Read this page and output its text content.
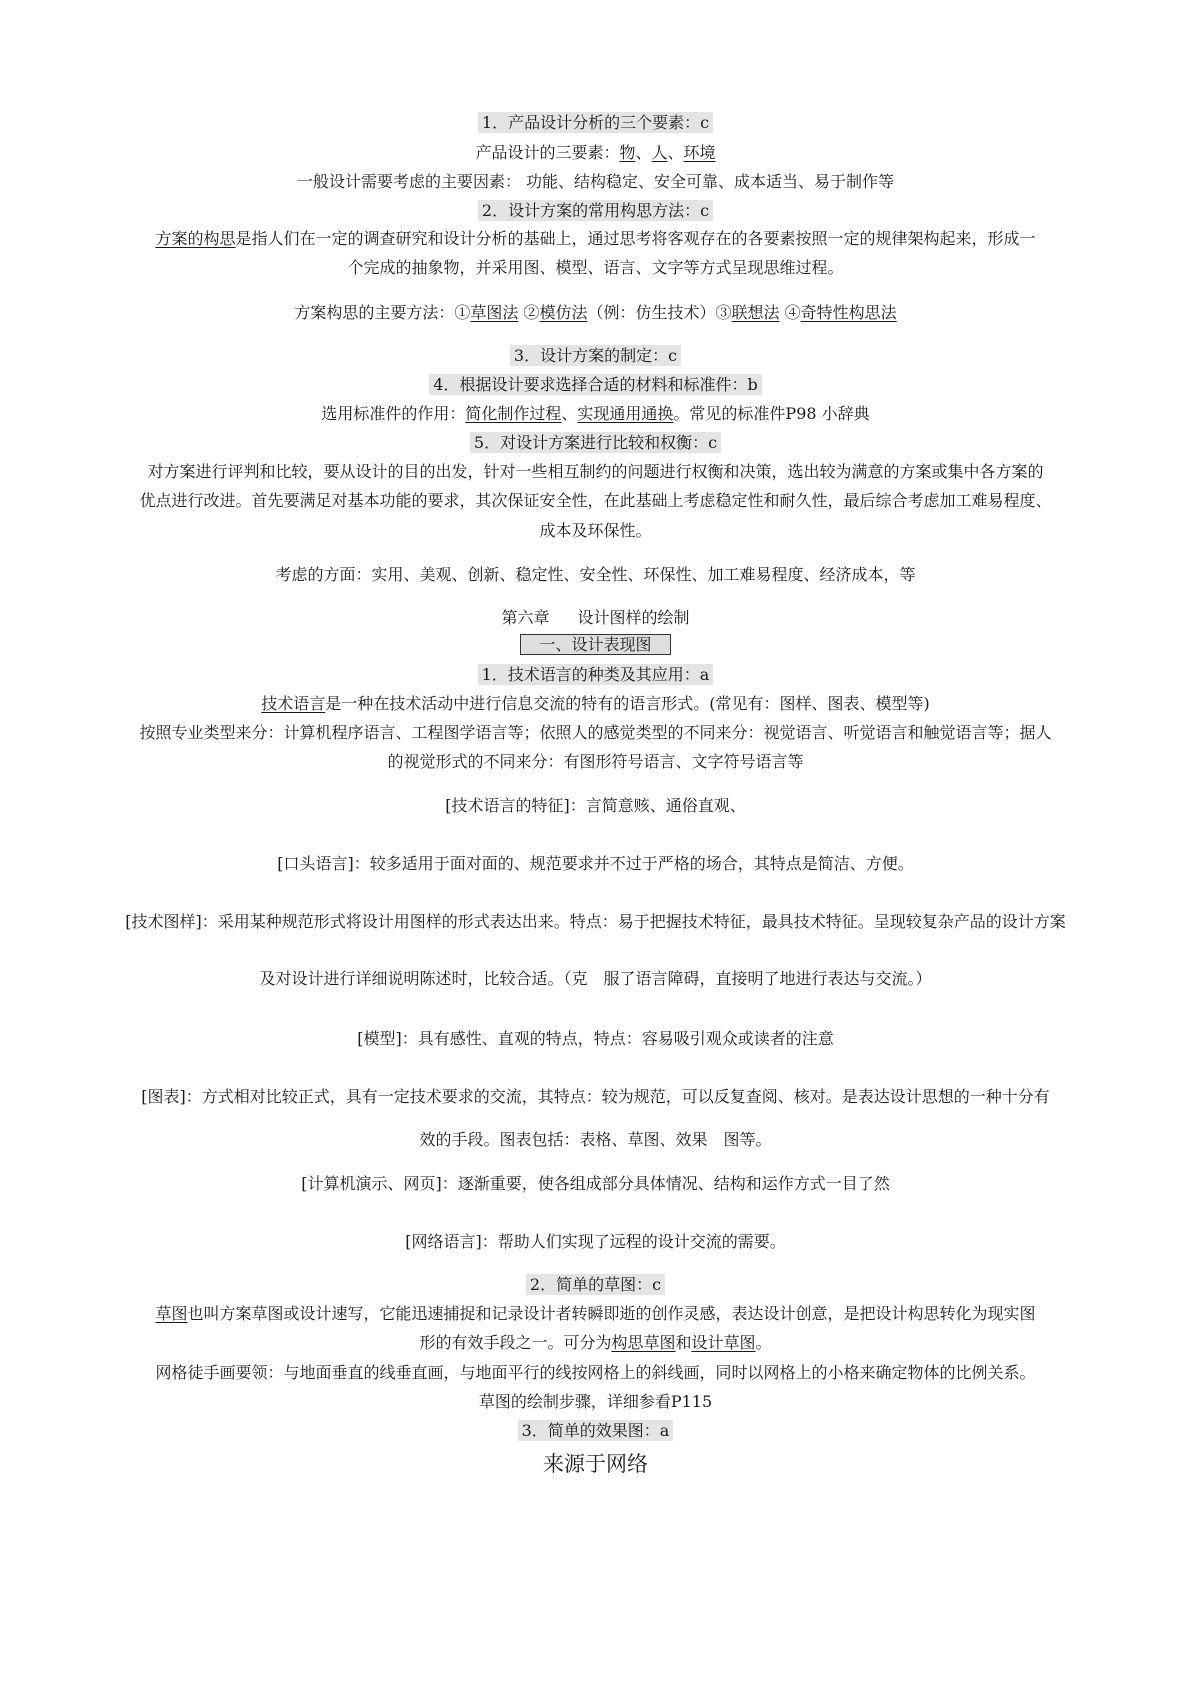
1．产品设计分析的三个要素：c
产品设计的三要素：物、人、环境
一般设计需要考虑的主要因素： 功能、结构稳定、安全可靠、成本适当、易于制作等
2．设计方案的常用构思方法：c
方案的构思是指人们在一定的调查研究和设计分析的基础上，通过思考将客观存在的各要素按照一定的规律架构起来，形成一
个完成的抽象物，并采用图、模型、语言、文字等方式呈现思维过程。
方案构思的主要方法：①草图法 ②模仿法（例：仿生技术）③联想法 ④奇特性构思法
3．设计方案的制定：c
4．根据设计要求选择合适的材料和标准件：b
选用标准件的作用：简化制作过程、实现通用通换。常见的标准件P98 小辞典
5．对设计方案进行比较和权衡：c
对方案进行评判和比较，要从设计的目的出发，针对一些相互制约的问题进行权衡和决策，选出较为满意的方案或集中各方案的
优点进行改进。首先要满足对基本功能的要求，其次保证安全性，在此基础上考虑稳定性和耐久性，最后综合考虑加工难易程度、
成本及环保性。
考虑的方面：实用、美观、创新、稳定性、安全性、环保性、加工难易程度、经济成本，等
第六章 设计图样的绘制
一、设计表现图
1．技术语言的种类及其应用：a
技术语言是一种在技术活动中进行信息交流的特有的语言形式。(常见有：图样、图表、模型等)
按照专业类型来分：计算机程序语言、工程图学语言等；依照人的感觉类型的不同来分：视觉语言、听觉语言和触觉语言等；据人
的视觉形式的不同来分：有图形符号语言、文字符号语言等
[技术语言的特征]：言简意赅、通俗直观、
[口头语言]：较多适用于面对面的、规范要求并不过于严格的场合，其特点是简洁、方便。
[技术图样]：采用某种规范形式将设计用图样的形式表达出来。特点：易于把握技术特征，最具技术特征。呈现较复杂产品的设计方案
及对设计进行详细说明陈述时，比较合适。（克 服了语言障碍，直接明了地进行表达与交流。）
[模型]：具有感性、直观的特点，特点：容易吸引观众或读者的注意
[图表]：方式相对比较正式，具有一定技术要求的交流，其特点：较为规范，可以反复查阅、核对。是表达设计思想的一种十分有
效的手段。图表包括：表格、草图、效果 图等。
[计算机演示、网页]：逐渐重要，使各组成部分具体情况、结构和运作方式一目了然
[网络语言]：帮助人们实现了远程的设计交流的需要。
2．简单的草图：c
草图也叫方案草图或设计速写，它能迅速捕捉和记录设计者转瞬即逝的创作灵感，表达设计创意，是把设计构思转化为现实图
形的有效手段之一。可分为构思草图和设计草图。
网格徒手画要领：与地面垂直的线垂直画，与地面平行的线按网格上的斜线画，同时以网格上的小格来确定物体的比例关系。
草图的绘制步骤，详细参看P115
3．简单的效果图：a
来源于网络
